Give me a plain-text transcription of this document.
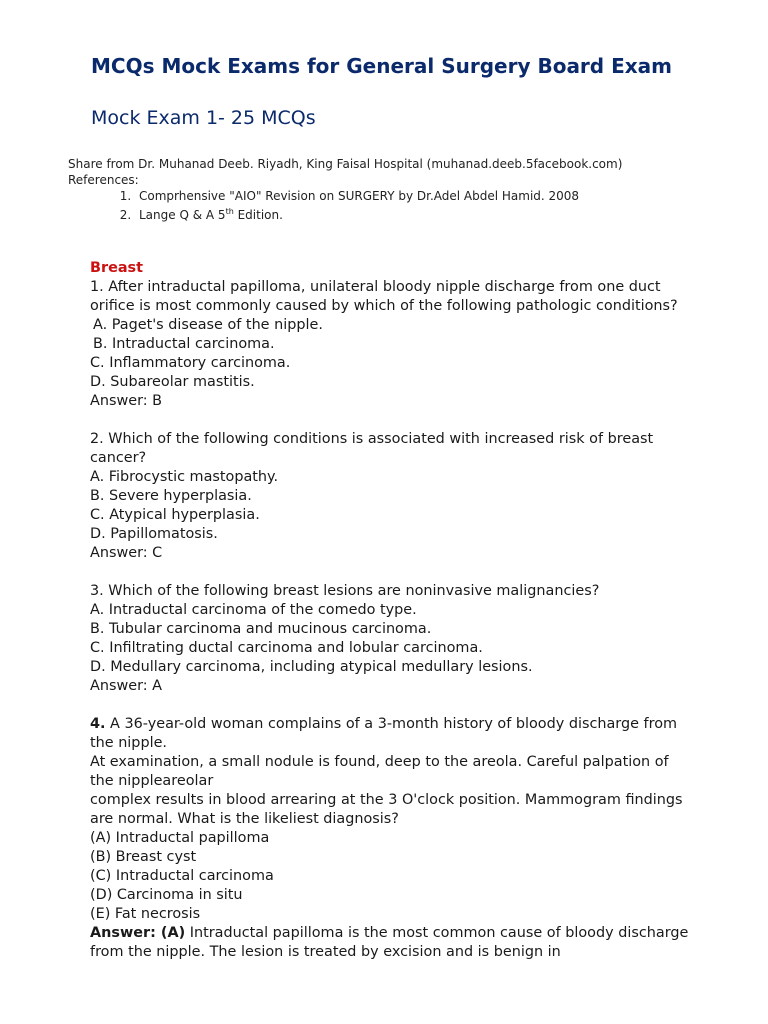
MCQs Mock Exams for General Surgery Board Exam
Mock Exam 1- 25 MCQs
Share from Dr. Muhanad Deeb. Riyadh, King Faisal Hospital (muhanad.deeb.5facebook.com)
References:
1. Comprhensive "AIO" Revision on SURGERY by Dr.Adel Abdel Hamid. 2008
2. Lange Q & A 5th Edition.
Breast
1. After intraductal papilloma, unilateral bloody nipple discharge from one duct orifice is most commonly caused by which of the following pathologic conditions?
A. Paget's disease of the nipple.
B. Intraductal carcinoma.
C. Inflammatory carcinoma.
D. Subareolar mastitis.
Answer: B
2. Which of the following conditions is associated with increased risk of breast cancer?
A. Fibrocystic mastopathy.
B. Severe hyperplasia.
C. Atypical hyperplasia.
D. Papillomatosis.
Answer: C
3. Which of the following breast lesions are noninvasive malignancies?
A. Intraductal carcinoma of the comedo type.
B. Tubular carcinoma and mucinous carcinoma.
C. Infiltrating ductal carcinoma and lobular carcinoma.
D. Medullary carcinoma, including atypical medullary lesions.
Answer: A
4. A 36-year-old woman complains of a 3-month history of bloody discharge from the nipple.
At examination, a small nodule is found, deep to the areola. Careful palpation of the nippleareolar
complex results in blood arrearing at the 3 O'clock position. Mammogram findings are normal. What is the likeliest diagnosis?
(A) Intraductal papilloma
(B) Breast cyst
(C) Intraductal carcinoma
(D) Carcinoma in situ
(E) Fat necrosis
Answer: (A) Intraductal papilloma is the most common cause of bloody discharge from the nipple. The lesion is treated by excision and is benign in
